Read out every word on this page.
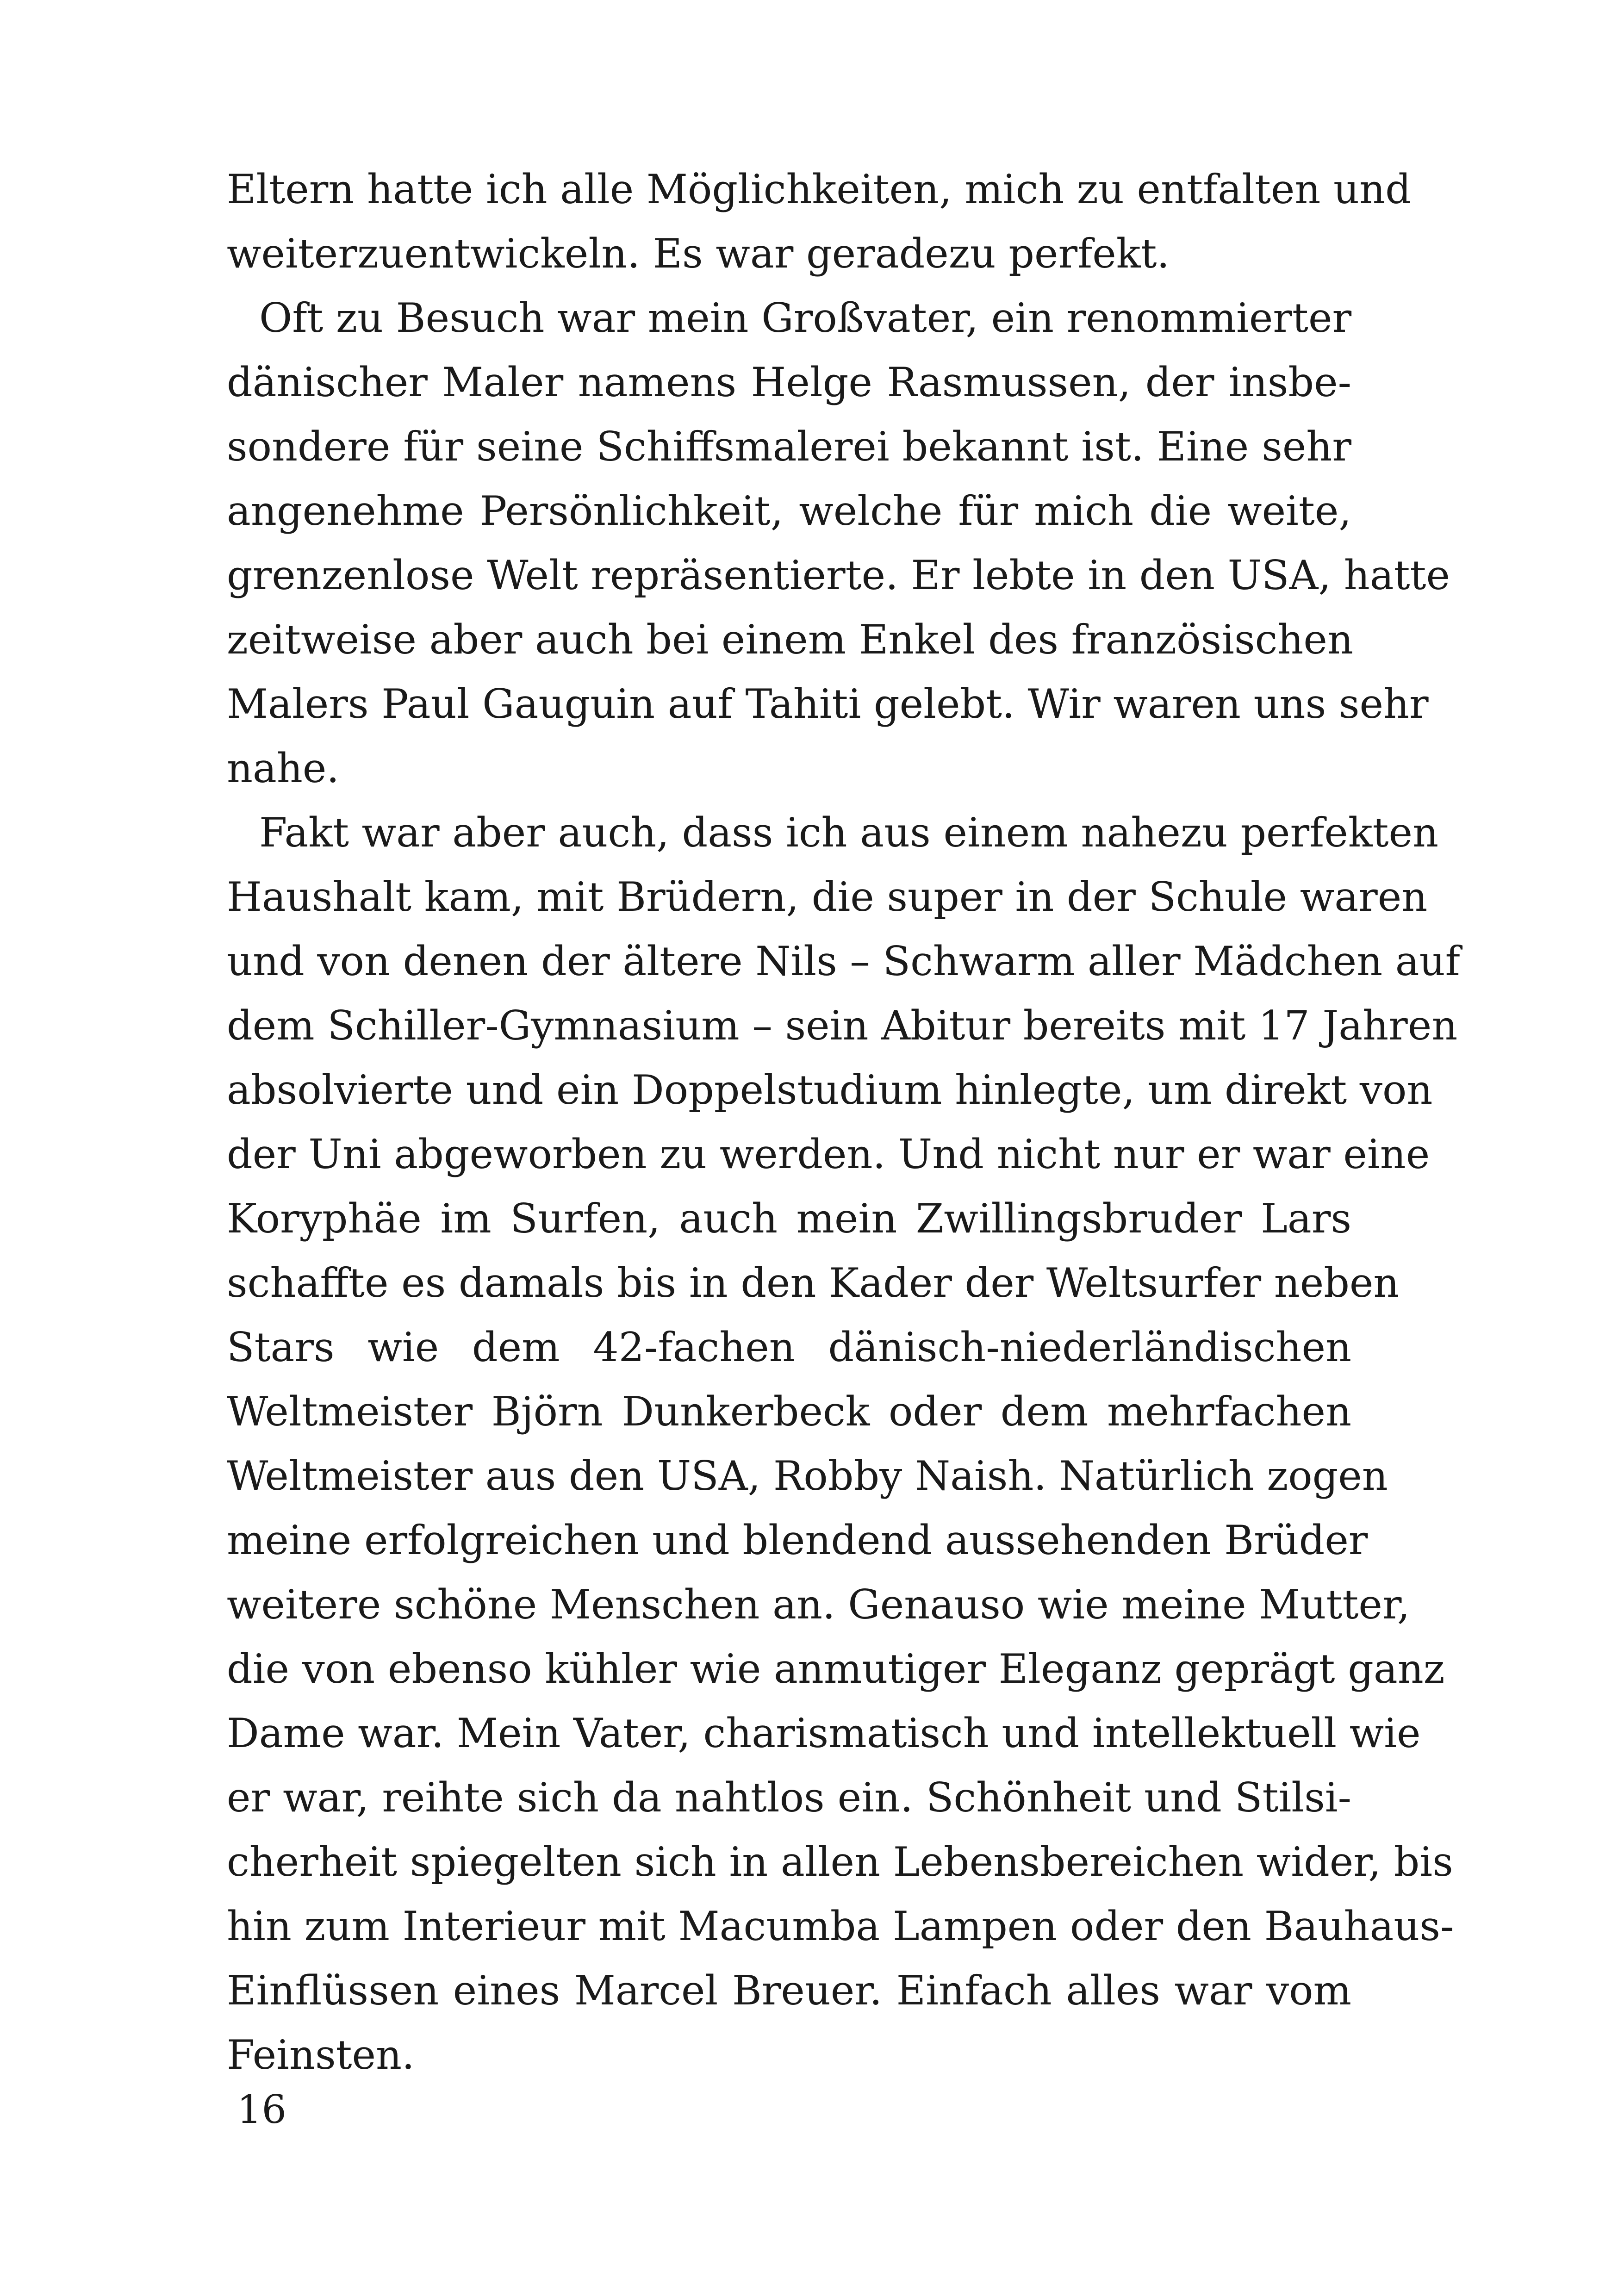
Eltern hatte ich alle Möglichkeiten, mich zu entfalten und
weiterzuentwickeln. Es war geradezu perfekt.
Oft zu Besuch war mein Großvater, ein renommierter
dänischer Maler namens Helge Rasmussen, der insbe-
sondere für seine Schiffsmalerei bekannt ist. Eine sehr
angenehme Persönlichkeit, welche für mich die weite,
grenzenlose Welt repräsentierte. Er lebte in den USA, hatte
zeitweise aber auch bei einem Enkel des französischen
Malers Paul Gauguin auf Tahiti gelebt. Wir waren uns sehr
nahe.
Fakt war aber auch, dass ich aus einem nahezu perfekten
Haushalt kam, mit Brüdern, die super in der Schule waren
und von denen der ältere Nils – Schwarm aller Mädchen auf
dem Schiller-Gymnasium – sein Abitur bereits mit 17 Jahren
absolvierte und ein Doppelstudium hinlegte, um direkt von
der Uni abgeworben zu werden. Und nicht nur er war eine
Koryphäe im Surfen, auch mein Zwillingsbruder Lars
schaffte es damals bis in den Kader der Weltsurfer neben
Stars wie dem 42-fachen dänisch-niederländischen
Weltmeister Björn Dunkerbeck oder dem mehrfachen
Weltmeister aus den USA, Robby Naish. Natürlich zogen
meine erfolgreichen und blendend aussehenden Brüder
weitere schöne Menschen an. Genauso wie meine Mutter,
die von ebenso kühler wie anmutiger Eleganz geprägt ganz
Dame war. Mein Vater, charismatisch und intellektuell wie
er war, reihte sich da nahtlos ein. Schönheit und Stilsi-
cherheit spiegelten sich in allen Lebensbereichen wider, bis
hin zum Interieur mit Macumba Lampen oder den Bauhaus-
Einflüssen eines Marcel Breuer. Einfach alles war vom
Feinsten.
16
